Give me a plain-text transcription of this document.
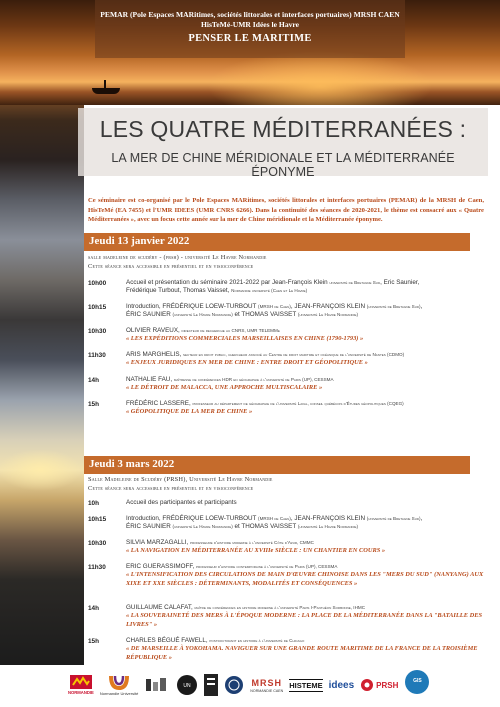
PEMAR (Pole Espaces MARitimes, sociétés littorales et interfaces portuaires) MRSH CAEN
HisTeMé-UMR Idées le Havre
PENSER LE MARITIME
LES QUATRE MÉDITERRANÉES :
LA MER DE CHINE MÉRIDIONALE ET LA MÉDITERRANÉE ÉPONYME
Ce séminaire est co-organisé par le Pole Espaces MARitimes, sociétés littorales et interfaces portuaires (PEMAR) de la MRSH de Caen, HisTeMé (EA 7455) et l'UMR IDEES (UMR CNRS 6266). Dans la continuité des séances de 2020-2021, le thème est consacré aux « Quatre Méditerranées », avec un focus cette année sur la mer de Chine méridionale et la Méditerranée éponyme.
Jeudi 13 janvier 2022
salle madeleine de scudéry - (prsh) - université Le Havre Normandie
Cette séance sera accessible en présentiel et en visioconférence
10h00	Accueil et présentation du séminaire 2021-2022 par Jean-François Klein université de Bretagne Sud, Eric Saunier,
Frédérique Turbout, Thomas Vaisset, Normandie université (Caen et Le Havre)
10h15	Introduction, FRÉDÉRIQUE LOEW-TURBOUT (MRSH de Caen), JEAN-FRANÇOIS KLEIN (université de Bretagne Sud),
ÉRIC SAUNIER (université Le Havre Normandie) et THOMAS VAISSET (université Le Havre Normandie)
10h30	OLIVIER RAVEUX, directeur de recherche au CNRS, UMR TELEMMe
« LES EXPÉDITIONS COMMERCIALES MARSEILLAISES EN CHINE (1790-1793) »
11h30	ARIS MARGHELIS, secteur en droit public, chercheur associé au Centre de droit maritime et océanique de l'université de Nantes (CDMO)
« ENJEUX JURIDIQUES EN MER DE CHINE : ENTRE DROIT ET GÉOPOLITIQUE »
14h	NATHALIE FAU, maîtresse de conférences HDR en géographie à l'université de Paris (UP), CESSMA
« LE DÉTROIT DE MALACCA, UNE APPROCHE MULTISCALAIRE »
15h	FRÉDÉRIC LASSERE, professeur au département de géographie de l'université Laval, conseil québécois d'Études géopolitiques (CQEG)
« GÉOPOLITIQUE DE LA MER DE CHINE »
Jeudi 3 mars 2022
Salle Madeleine de Scudéry (PRSH), Université Le Havre Normandie
Cette séance sera accessible en présentiel et en visioconférence
10h	Accueil des participantes et participants
10h15	Introduction, FRÉDÉRIQUE LOEW-TURBOUT (MRSH de Caen), JEAN-FRANÇOIS KLEIN (université de Bretagne Sud),
ÉRIC SAUNIER (université Le Havre Normandie) et THOMAS VAISSET (université Le Havre Normandie)
10h30	SILVIA MARZAGALLI, professeure d'histoire moderne à l'université Côte d'Azur, CMMC
« LA NAVIGATION EN MÉDITERRANÉE AU XVIIIe SIÈCLE : UN CHANTIER EN COURS »
11h30	ERIC GUERASSIMOFF, professeur d'histoire contemporaine à l'université de Paris (UP), CESSMA
« L'INTENSIFICATION DES CIRCULATIONS DE MAIN D'ŒUVRE CHINOISE DANS LES "MERS DU SUD" (NANYANG) AUX XIXE ET XXE SIÈCLES : DÉTERMINANTS, MODALITÉS ET CONSÉQUENCES »
14h	GUILLAUME CALAFAT, maître de conférences en histoire moderne à l'université Paris I-Panthéon Sorbonne, IHMC
« LA SOUVERAINETÉ DES MERS À L'ÉPOQUE MODERNE : LA PLACE DE LA MÉDITERRANÉE DANS LA "BATAILLE DES LIVRES" »
15h	CHARLES BÉGUÉ FAWELL, postdoctorant en histoire à l'université de Chicago
« DE MARSEILLE À YOKOHAMA. NAVIGUER SUR UNE GRANDE ROUTE MARITIME DE LA FRANCE DE LA TROISIÈME RÉPUBLIQUE »
NORMANDIE Normandie Université
UN	MRSH
NORMANDIE CAEN
HISTEME idees	PRSH	GIS
